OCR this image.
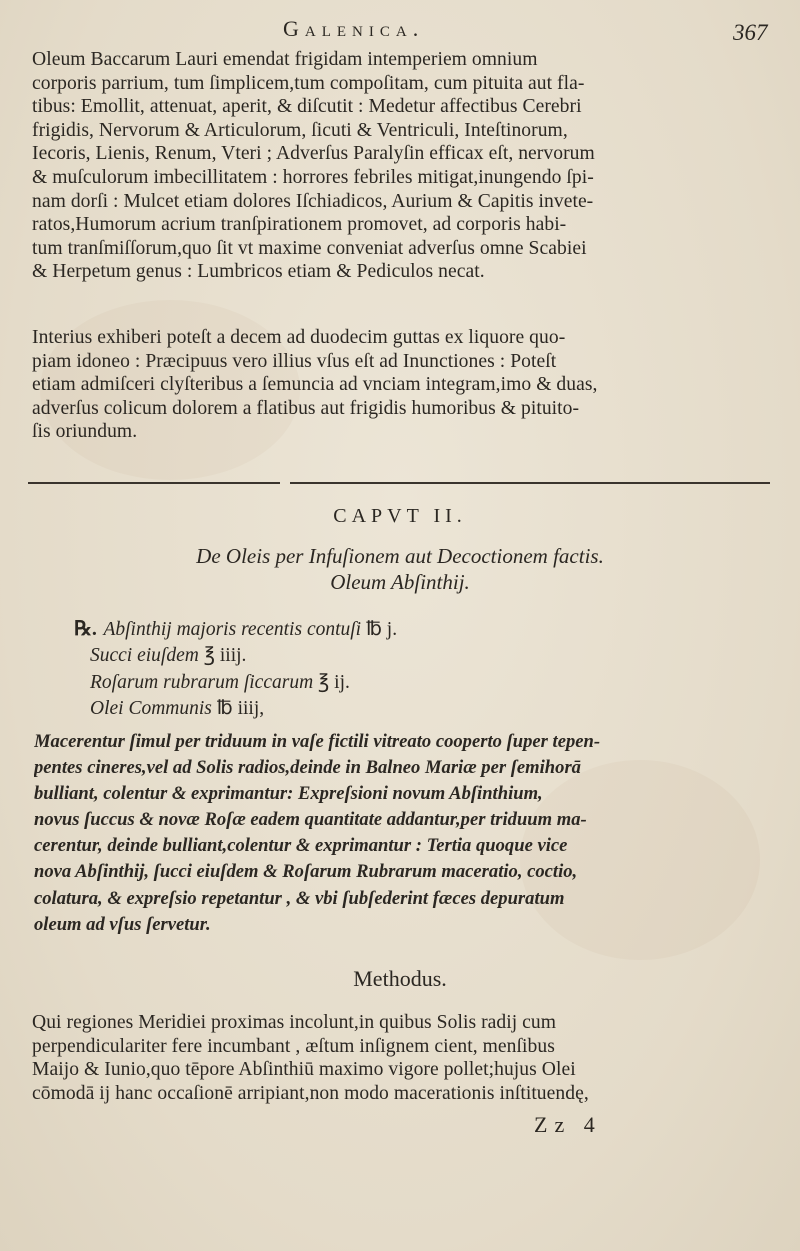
Galenica.	367
Oleum Baccarum Lauri emendat frigidam intemperiem omnium
corporis parrium, tum ſimplicem,tum compoſitam, cum pituita aut fla-
tibus: Emollit, attenuat, aperit, & diſcutit : Medetur affectibus Cerebri
frigidis, Nervorum & Articulorum, ſicuti & Ventriculi, Inteſtinorum,
Iecoris, Lienis, Renum, Vteri ; Adverſus Paralyſin efficax eſt, nervorum
& muſculorum imbecillitatem : horrores febriles mitigat,inungendo ſpi-
nam dorſi : Mulcet etiam dolores Iſchiadicos, Aurium & Capitis invete-
ratos,Humorum acrium tranſpirationem promovet, ad corporis habi-
tum tranſmiſſorum,quo ſit vt maxime conveniat adverſus omne Scabiei
& Herpetum genus : Lumbricos etiam & Pediculos necat.
Interius exhiberi poteſt a decem ad duodecim guttas ex liquore quo-
piam idoneo : Præcipuus vero illius vſus eſt ad Inunctiones : Poteſt
etiam admiſceri clyſteribus a ſemuncia ad vnciam integram,imo & duas,
adverſus colicum dolorem a flatibus aut frigidis humoribus & pituito-
ſis oriundum.
CAPVT II.
De Oleis per Infuſionem aut Decoctionem factis.
Oleum Abſinthij.
℞. Abſinthij majoris recentis contuſi ℔ j.
Succi eiuſdem ℥ iiij.
Roſarum rubrarum ſiccarum ℥ ij.
Olei Communis ℔ iiij,
Macerentur ſimul per triduum in vaſe fictili vitreato cooperto ſuper tepen-
pentes cineres,vel ad Solis radios,deinde in Balneo Mariæ per ſemihorā
bulliant, colentur & exprimantur: Expreſsioni novum Abſinthium,
novus ſuccus & novæ Roſæ eadem quantitate addantur,per triduum ma-
cerentur, deinde bulliant,colentur & exprimantur : Tertia quoque vice
nova Abſinthij, ſucci eiuſdem & Roſarum Rubrarum maceratio, coctio,
colatura, & expreſsio repetantur , & vbi ſubſederint fæces depuratum
oleum ad vſus ſervetur.
Methodus.
Qui regiones Meridiei proximas incolunt,in quibus Solis radij cum
perpendiculariter fere incumbant , æſtum inſignem cient, menſibus
Maijo & Iunio,quo tēpore Abſinthiū maximo vigore pollet;hujus Olei
cōmodā ij hanc occaſionē arripiant,non modo macerationis inſtituendę,
Zz 4
